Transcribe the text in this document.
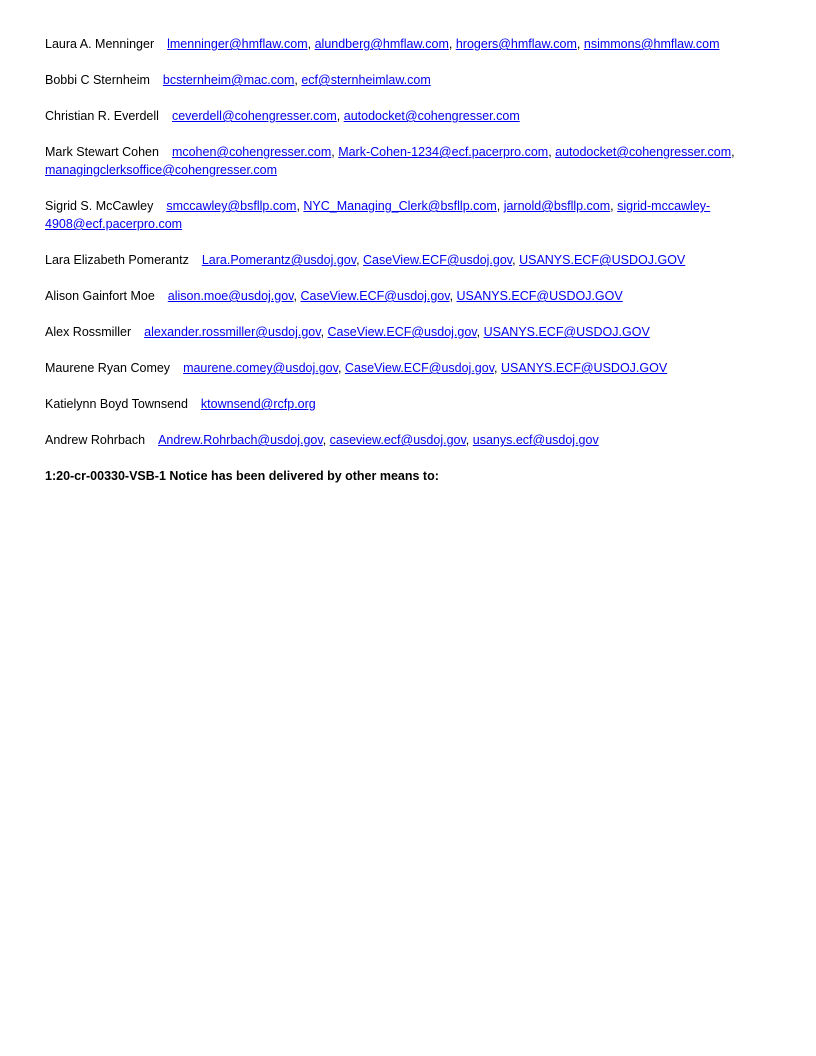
Laura A. Menninger lmenninger@hmflaw.com, alundberg@hmflaw.com, hrogers@hmflaw.com, nsimmons@hmflaw.com
Bobbi C Sternheim bcsternheim@mac.com, ecf@sternheimlaw.com
Christian R. Everdell ceverdell@cohengresser.com, autodocket@cohengresser.com
Mark Stewart Cohen mcohen@cohengresser.com, Mark-Cohen-1234@ecf.pacerpro.com, autodocket@cohengresser.com, managingclerksoffice@cohengresser.com
Sigrid S. McCawley smccawley@bsfllp.com, NYC_Managing_Clerk@bsfllp.com, jarnold@bsfllp.com, sigrid-mccawley-4908@ecf.pacerpro.com
Lara Elizabeth Pomerantz Lara.Pomerantz@usdoj.gov, CaseView.ECF@usdoj.gov, USANYS.ECF@USDOJ.GOV
Alison Gainfort Moe alison.moe@usdoj.gov, CaseView.ECF@usdoj.gov, USANYS.ECF@USDOJ.GOV
Alex Rossmiller alexander.rossmiller@usdoj.gov, CaseView.ECF@usdoj.gov, USANYS.ECF@USDOJ.GOV
Maurene Ryan Comey maurene.comey@usdoj.gov, CaseView.ECF@usdoj.gov, USANYS.ECF@USDOJ.GOV
Katielynn Boyd Townsend ktownsend@rcfp.org
Andrew Rohrbach Andrew.Rohrbach@usdoj.gov, caseview.ecf@usdoj.gov, usanys.ecf@usdoj.gov

1:20-cr-00330-VSB-1 Notice has been delivered by other means to:
